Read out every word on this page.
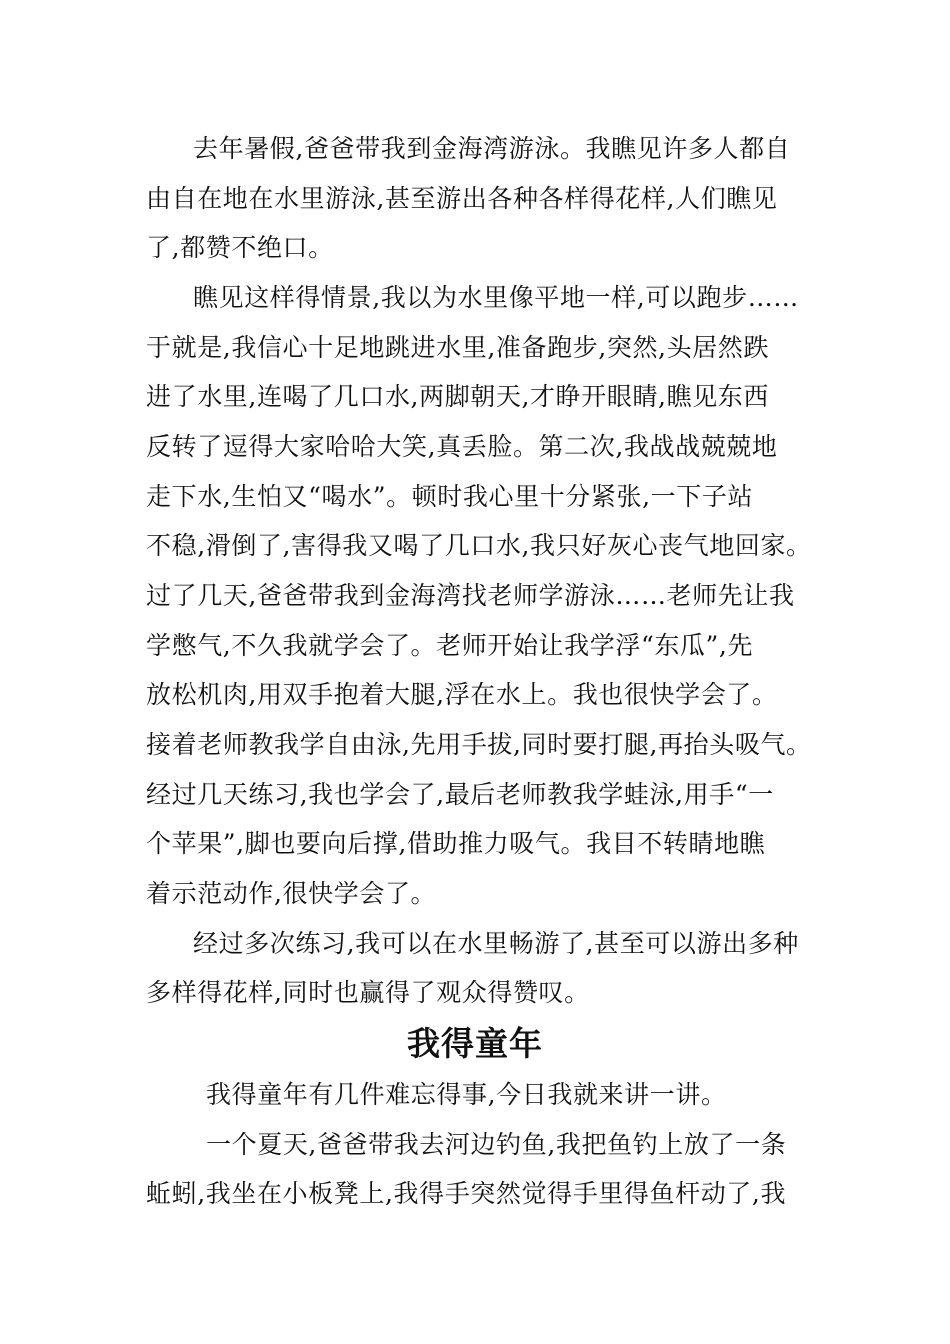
去年暑假,爸爸带我到金海湾游泳。我瞧见许多人都自
由自在地在水里游泳,甚至游出各种各样得花样,人们瞧见
了,都赞不绝口。
瞧见这样得情景,我以为水里像平地一样,可以跑步……
于就是,我信心十足地跳进水里,准备跑步,突然,头居然跌
进了水里,连喝了几口水,两脚朝天,才睁开眼睛,瞧见东西
反转了逗得大家哈哈大笑,真丢脸。第二次,我战战兢兢地
走下水,生怕又“喝水”。顿时我心里十分紧张,一下子站
不稳,滑倒了,害得我又喝了几口水,我只好灰心丧气地回家。
过了几天,爸爸带我到金海湾找老师学游泳……老师先让我
学憋气,不久我就学会了。老师开始让我学浮“东瓜”,先
放松机肉,用双手抱着大腿,浮在水上。我也很快学会了。
接着老师教我学自由泳,先用手拔,同时要打腿,再抬头吸气。
经过几天练习,我也学会了,最后老师教我学蛙泳,用手“一
个苹果”,脚也要向后撑,借助推力吸气。我目不转睛地瞧
着示范动作,很快学会了。
经过多次练习,我可以在水里畅游了,甚至可以游出多种
多样得花样,同时也赢得了观众得赞叹。
我得童年
我得童年有几件难忘得事,今日我就来讲一讲。
一个夏天,爸爸带我去河边钓鱼,我把鱼钓上放了一条
蚯蚓,我坐在小板凳上,我得手突然觉得手里得鱼杆动了,我
